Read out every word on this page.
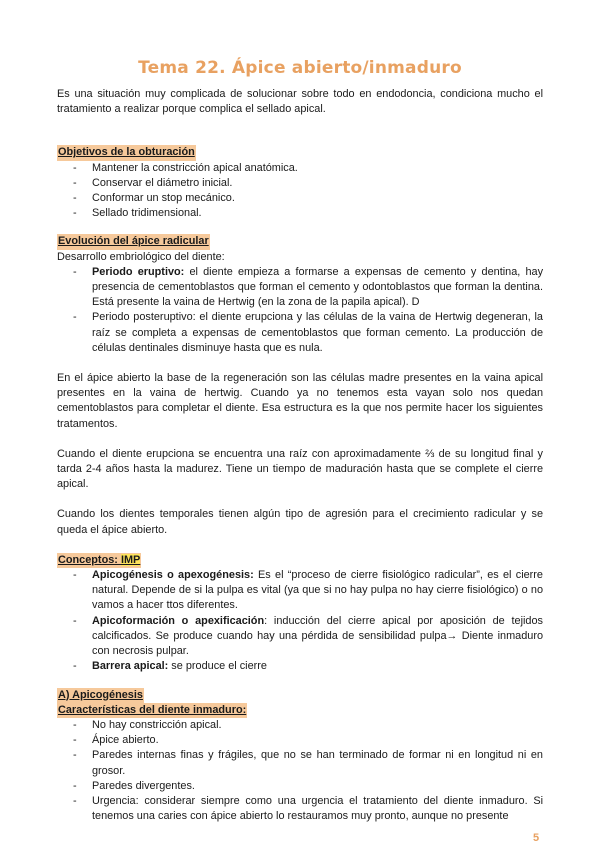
Tema 22. Ápice abierto/inmaduro

Es una situación muy complicada de solucionar sobre todo en endodoncia, condiciona mucho el tratamiento a realizar porque complica el sellado apical.

Objetivos de la obturación
- Mantener la constricción apical anatómica.
- Conservar el diámetro inicial.
- Conformar un stop mecánico.
- Sellado tridimensional.
Evolución del ápice radicular

Desarrollo embriológico del diente:

- Periodo eruptivo: el diente empieza a formarse a expensas de cemento y dentina, hay presencia de cementoblastos que forman el cemento y odontoblastos que forman la dentina. Está presente la vaina de Hertwig (en la zona de la papila apical). D
- Periodo posteruptivo: el diente erupciona y las células de la vaina de Hertwig degeneran, la raíz se completa a expensas de cementoblastos que forman cemento. La producción de células dentinales disminuye hasta que es nula.

En el ápice abierto la base de la regeneración son las células madre presentes en la vaina apical presentes en la vaina de hertwig. Cuando ya no tenemos esta vayan solo nos quedan cementoblastos para completar el diente. Esa estructura es la que nos permite hacer los siguientes tratamentos.

Cuando el diente erupciona se encuentra una raíz con aproximadamente ⅔ de su longitud final y tarda 2-4 años hasta la madurez. Tiene un tiempo de maduración hasta que se complete el cierre apical.

Cuando los dientes temporales tienen algún tipo de agresión para el crecimiento radicular y se queda el ápice abierto.

Conceptos: IMP
- Apicogénesis o apexogénesis: Es el “proceso de cierre fisiológico radicular”, es el cierre natural. Depende de si la pulpa es vital (ya que si no hay pulpa no hay cierre fisiológico) o no vamos a hacer ttos diferentes.
- Apicoformación o apexificación: inducción del cierre apical por aposición de tejidos calcificados. Se produce cuando hay una pérdida de sensibilidad pulpa→ Diente inmaduro con necrosis pulpar.
- Barrera apical: se produce el cierre
A) Apicogénesis
Características del diente inmaduro:
- No hay constricción apical.
- Ápice abierto.
- Paredes internas finas y frágiles, que no se han terminado de formar ni en longitud ni en grosor.
- Paredes divergentes.
- Urgencia: considerar siempre como una urgencia el tratamiento del diente inmaduro. Si tenemos una caries con ápice abierto lo restauramos muy pronto, aunque no presente
5
